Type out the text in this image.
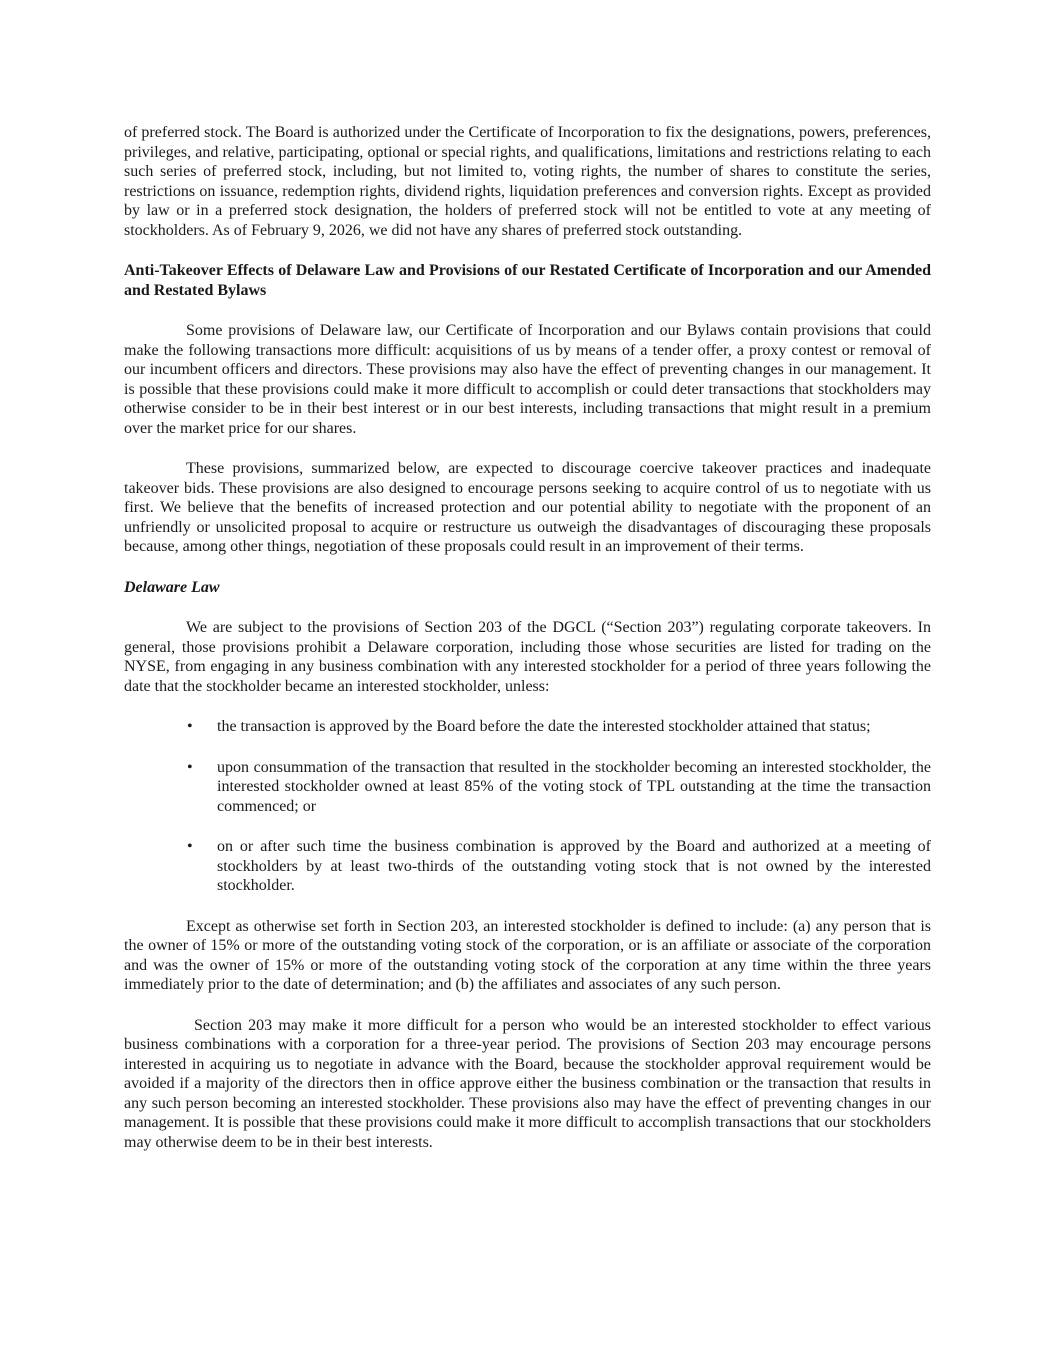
of preferred stock. The Board is authorized under the Certificate of Incorporation to fix the designations, powers, preferences, privileges, and relative, participating, optional or special rights, and qualifications, limitations and restrictions relating to each such series of preferred stock, including, but not limited to, voting rights, the number of shares to constitute the series, restrictions on issuance, redemption rights, dividend rights, liquidation preferences and conversion rights. Except as provided by law or in a preferred stock designation, the holders of preferred stock will not be entitled to vote at any meeting of stockholders. As of February 9, 2026, we did not have any shares of preferred stock outstanding.

Anti-Takeover Effects of Delaware Law and Provisions of our Restated Certificate of Incorporation and our Amended and Restated Bylaws

Some provisions of Delaware law, our Certificate of Incorporation and our Bylaws contain provisions that could make the following transactions more difficult: acquisitions of us by means of a tender offer, a proxy contest or removal of our incumbent officers and directors. These provisions may also have the effect of preventing changes in our management. It is possible that these provisions could make it more difficult to accomplish or could deter transactions that stockholders may otherwise consider to be in their best interest or in our best interests, including transactions that might result in a premium over the market price for our shares.

These provisions, summarized below, are expected to discourage coercive takeover practices and inadequate takeover bids. These provisions are also designed to encourage persons seeking to acquire control of us to negotiate with us first. We believe that the benefits of increased protection and our potential ability to negotiate with the proponent of an unfriendly or unsolicited proposal to acquire or restructure us outweigh the disadvantages of discouraging these proposals because, among other things, negotiation of these proposals could result in an improvement of their terms.

Delaware Law

We are subject to the provisions of Section 203 of the DGCL (“Section 203”) regulating corporate takeovers. In general, those provisions prohibit a Delaware corporation, including those whose securities are listed for trading on the NYSE, from engaging in any business combination with any interested stockholder for a period of three years following the date that the stockholder became an interested stockholder, unless:

•	the transaction is approved by the Board before the date the interested stockholder attained that status;
•	upon consummation of the transaction that resulted in the stockholder becoming an interested stockholder, the interested stockholder owned at least 85% of the voting stock of TPL outstanding at the time the transaction commenced; or
•	on or after such time the business combination is approved by the Board and authorized at a meeting of stockholders by at least two-thirds of the outstanding voting stock that is not owned by the interested stockholder.

Except as otherwise set forth in Section 203, an interested stockholder is defined to include: (a) any person that is the owner of 15% or more of the outstanding voting stock of the corporation, or is an affiliate or associate of the corporation and was the owner of 15% or more of the outstanding voting stock of the corporation at any time within the three years immediately prior to the date of determination; and (b) the affiliates and associates of any such person.

Section 203 may make it more difficult for a person who would be an interested stockholder to effect various business combinations with a corporation for a three-year period. The provisions of Section 203 may encourage persons interested in acquiring us to negotiate in advance with the Board, because the stockholder approval requirement would be avoided if a majority of the directors then in office approve either the business combination or the transaction that results in any such person becoming an interested stockholder. These provisions also may have the effect of preventing changes in our management. It is possible that these provisions could make it more difficult to accomplish transactions that our stockholders may otherwise deem to be in their best interests.
